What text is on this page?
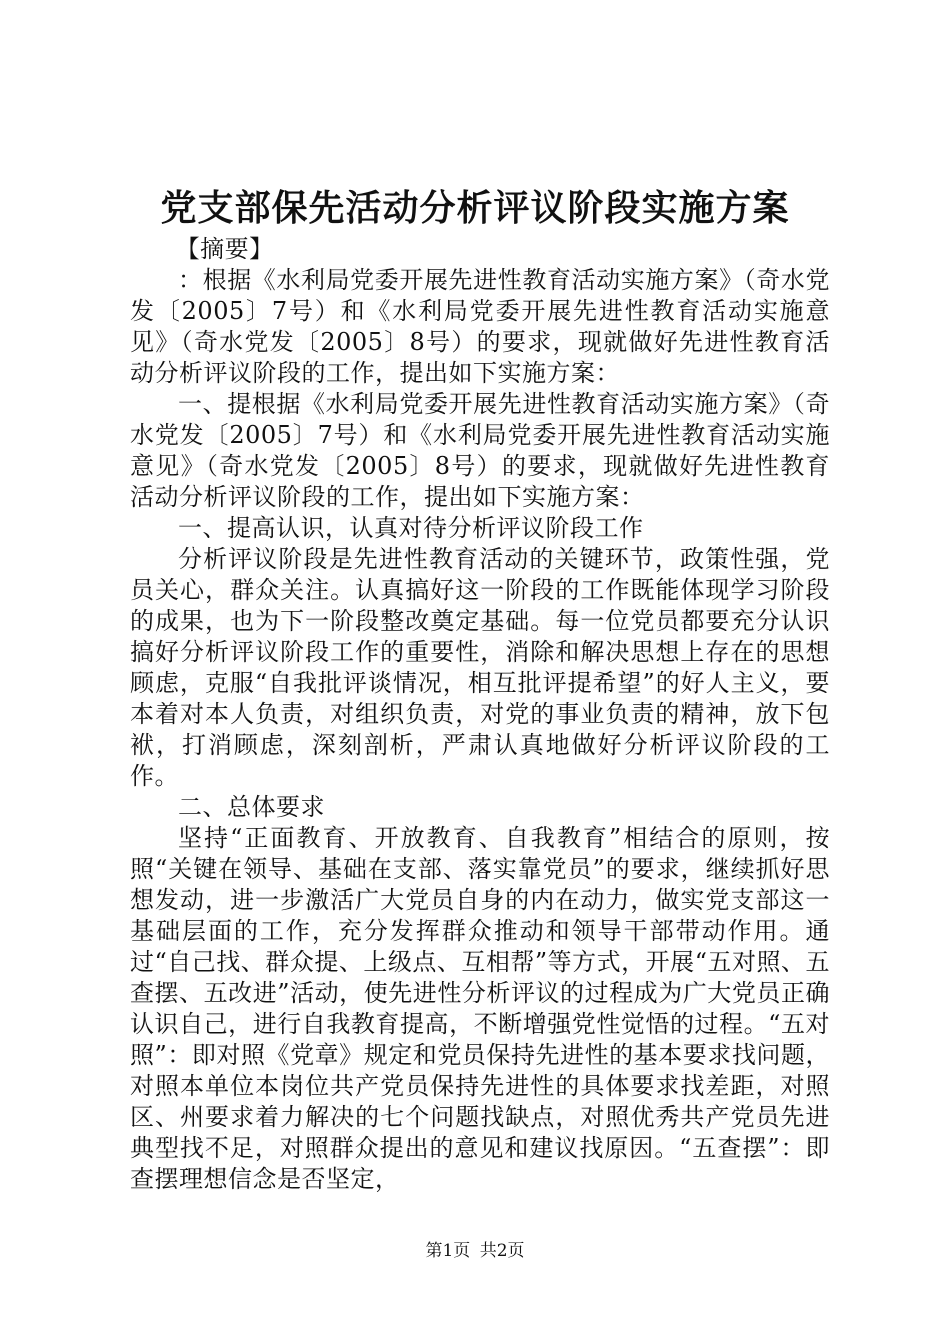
党支部保先活动分析评议阶段实施方案

【摘要】

：根据《水利局党委开展先进性教育活动实施方案》（奇水党发〔2005〕7号）和《水利局党委开展先进性教育活动实施意见》（奇水党发〔2005〕8号）的要求，现就做好先进性教育活动分析评议阶段的工作，提出如下实施方案：

一、提根据《水利局党委开展先进性教育活动实施方案》（奇水党发〔2005〕7号）和《水利局党委开展先进性教育活动实施意见》（奇水党发〔2005〕8号）的要求，现就做好先进性教育活动分析评议阶段的工作，提出如下实施方案：

一、提高认识，认真对待分析评议阶段工作

分析评议阶段是先进性教育活动的关键环节，政策性强，党员关心，群众关注。认真搞好这一阶段的工作既能体现学习阶段的成果，也为下一阶段整改奠定基础。每一位党员都要充分认识搞好分析评议阶段工作的重要性，消除和解决思想上存在的思想顾虑，克服“自我批评谈情况，相互批评提希望”的好人主义，要本着对本人负责，对组织负责，对党的事业负责的精神，放下包袱，打消顾虑，深刻剖析，严肃认真地做好分析评议阶段的工作。

二、总体要求

坚持“正面教育、开放教育、自我教育”相结合的原则，按照“关键在领导、基础在支部、落实靠党员”的要求，继续抓好思想发动，进一步激活广大党员自身的内在动力，做实党支部这一基础层面的工作，充分发挥群众推动和领导干部带动作用。通过“自己找、群众提、上级点、互相帮”等方式，开展“五对照、五查摆、五改进”活动，使先进性分析评议的过程成为广大党员正确认识自己，进行自我教育提高，不断增强党性觉悟的过程。“五对照”：即对照《党章》规定和党员保持先进性的基本要求找问题，对照本单位本岗位共产党员保持先进性的具体要求找差距，对照区、州要求着力解决的七个问题找缺点，对照优秀共产党员先进典型找不足，对照群众提出的意见和建议找原因。“五查摆”：即查摆理想信念是否坚定，

第1页 共2页
